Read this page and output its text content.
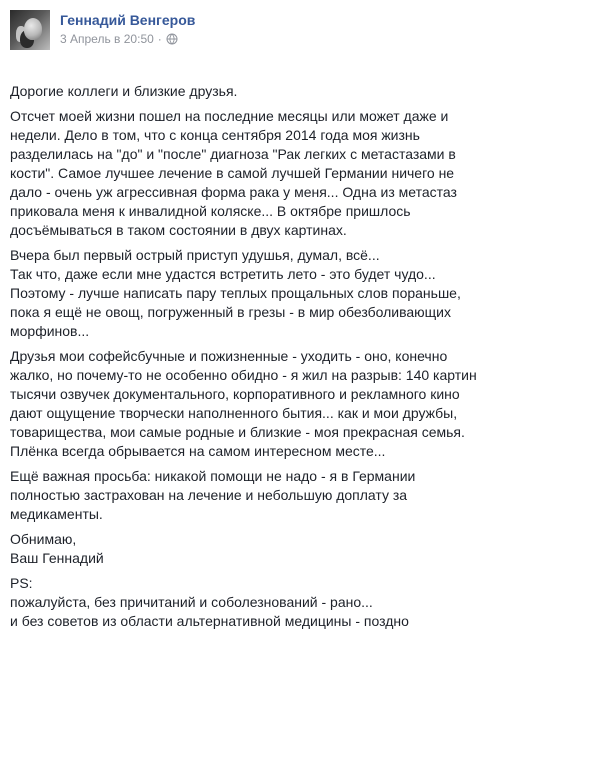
Геннадий Венгеров
3 Апрель в 20:50 ·
Дорогие коллеги и близкие друзья.
Отсчет моей жизни пошел на последние месяцы или может даже и
недели. Дело в том, что с конца сентября 2014 года моя жизнь
разделилась на "до" и "после" диагноза "Рак легких с метастазами в
кости". Самое лучшее лечение в самой лучшей Германии ничего не
дало - очень уж агрессивная форма рака у меня... Одна из метастаз
приковала меня к инвалидной коляске... В октябре пришлось
досъёмываться в таком состоянии в двух картинах.
Вчера был первый острый приступ удушья, думал, всё...
Так что, даже если мне удастся встретить лето - это будет чудо...
Поэтому - лучше написать пару теплых прощальных слов пораньше,
пока я ещё не овощ, погруженный в грезы - в мир обезболивающих
морфинов...
Друзья мои софейсбучные и пожизненные - уходить - оно, конечно
жалко, но почему-то не особенно обидно - я жил на разрыв: 140 картин
тысячи озвучек документального, корпоративного и рекламного кино
дают ощущение творчески наполненного бытия... как и мои дружбы,
товарищества, мои самые родные и близкие - моя прекрасная семья.
Плёнка всегда обрывается на самом интересном месте...
Ещё важная просьба: никакой помощи не надо - я в Германии
полностью застрахован на лечение и небольшую доплату за
медикаменты.
Обнимаю,
Ваш Геннадий
PS:
пожалуйста, без причитаний и соболезнований - рано...
и без советов из области альтернативной медицины - поздно
